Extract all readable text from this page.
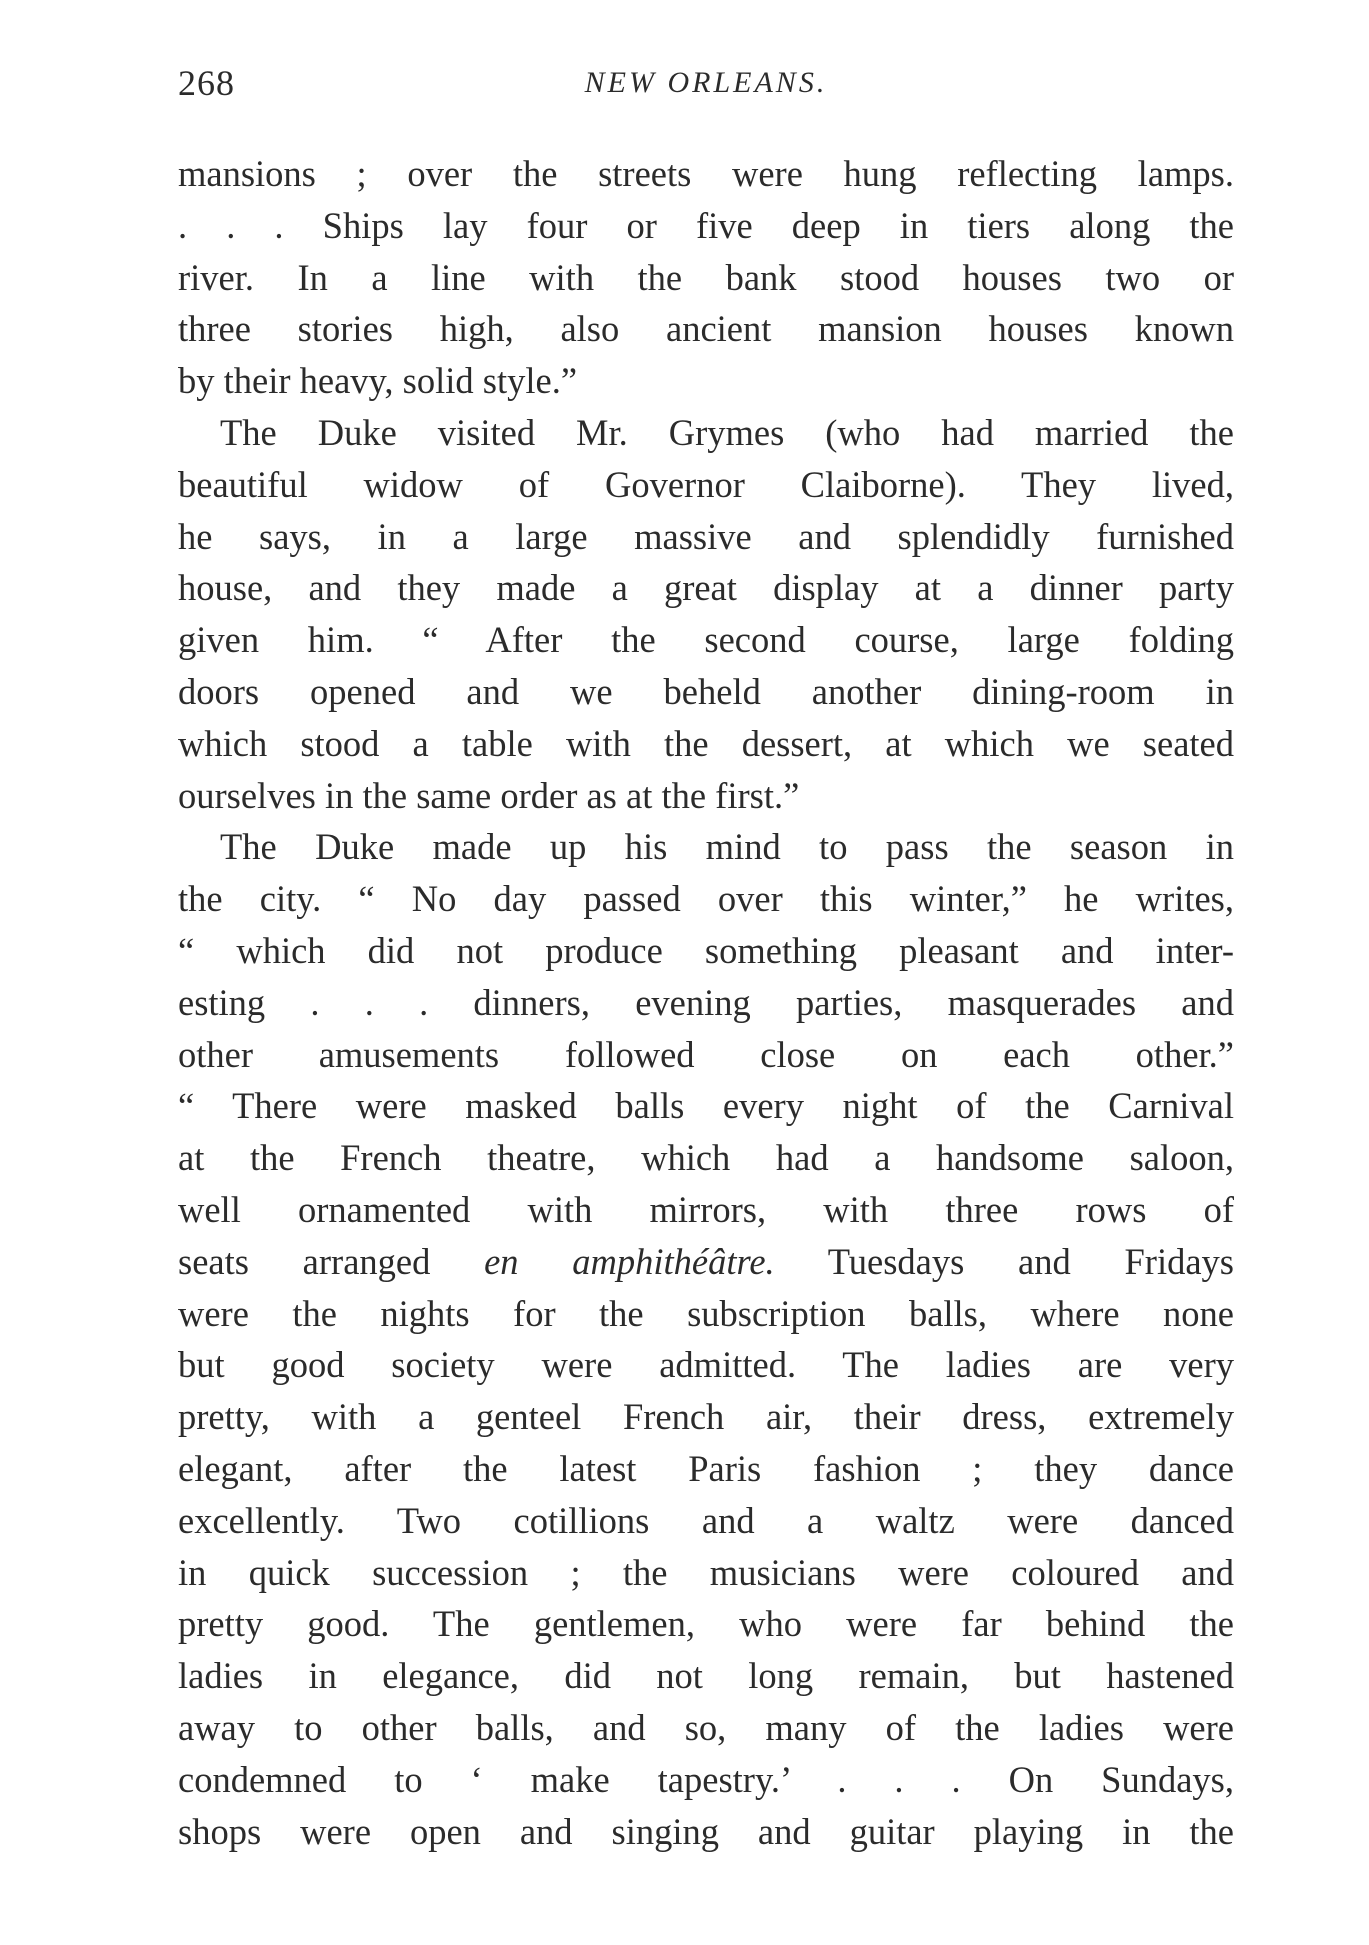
268	NEW ORLEANS.
mansions ; over the streets were hung reflecting lamps.
. . . Ships lay four or five deep in tiers along the
river. In a line with the bank stood houses two or
three stories high, also ancient mansion houses known
by their heavy, solid style.”
The Duke visited Mr. Grymes (who had married the
beautiful widow of Governor Claiborne). They lived,
he says, in a large massive and splendidly furnished
house, and they made a great display at a dinner party
given him. “ After the second course, large folding
doors opened and we beheld another dining-room in
which stood a table with the dessert, at which we seated
ourselves in the same order as at the first.”
The Duke made up his mind to pass the season in
the city. “ No day passed over this winter,” he writes,
“ which did not produce something pleasant and inter-
esting . . . dinners, evening parties, masquerades and
other amusements followed close on each other.”
“ There were masked balls every night of the Carnival
at the French theatre, which had a handsome saloon,
well ornamented with mirrors, with three rows of
seats arranged en amphithéâtre. Tuesdays and Fridays
were the nights for the subscription balls, where none
but good society were admitted. The ladies are very
pretty, with a genteel French air, their dress, extremely
elegant, after the latest Paris fashion ; they dance
excellently. Two cotillions and a waltz were danced
in quick succession ; the musicians were coloured and
pretty good. The gentlemen, who were far behind the
ladies in elegance, did not long remain, but hastened
away to other balls, and so, many of the ladies were
condemned to ‘ make tapestry.’ . . . On Sundays,
shops were open and singing and guitar playing in the
